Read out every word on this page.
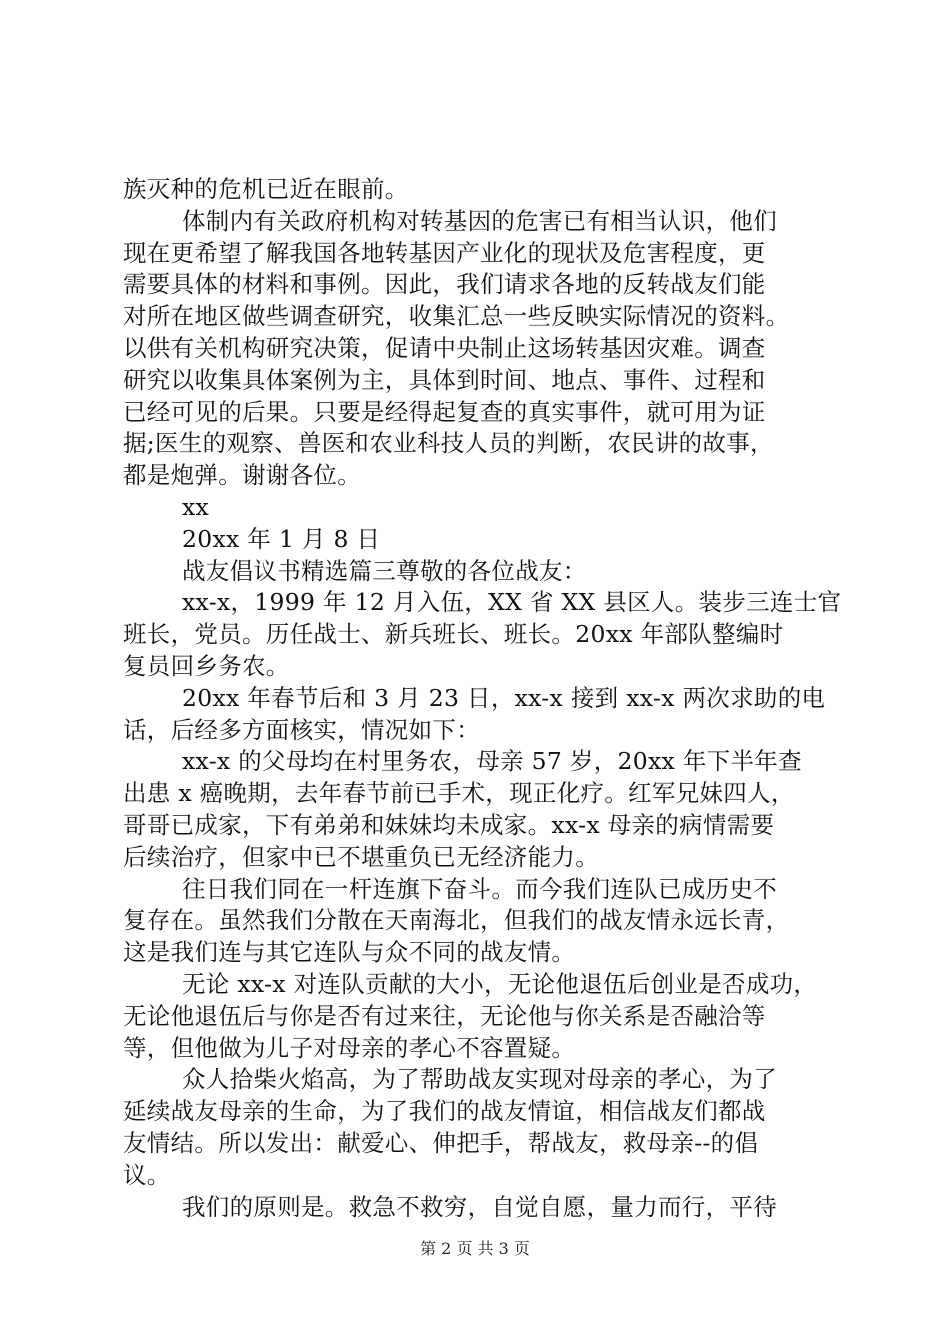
族灭种的危机已近在眼前。
体制内有关政府机构对转基因的危害已有相当认识，他们
现在更希望了解我国各地转基因产业化的现状及危害程度，更
需要具体的材料和事例。因此，我们请求各地的反转战友们能
对所在地区做些调查研究，收集汇总一些反映实际情况的资料。
以供有关机构研究决策，促请中央制止这场转基因灾难。调查
研究以收集具体案例为主，具体到时间、地点、事件、过程和
已经可见的后果。只要是经得起复查的真实事件，就可用为证
据;医生的观察、兽医和农业科技人员的判断，农民讲的故事，
都是炮弹。谢谢各位。
xx
20xx 年 1 月 8 日
战友倡议书精选篇三尊敬的各位战友：
xx-x，1999 年 12 月入伍，XX 省 XX 县区人。装步三连士官
班长，党员。历任战士、新兵班长、班长。20xx 年部队整编时
复员回乡务农。
20xx 年春节后和 3 月 23 日，xx-x 接到 xx-x 两次求助的电
话，后经多方面核实，情况如下：
xx-x 的父母均在村里务农，母亲 57 岁，20xx 年下半年查
出患 x 癌晚期，去年春节前已手术，现正化疗。红军兄妹四人，
哥哥已成家，下有弟弟和妹妹均未成家。xx-x 母亲的病情需要
后续治疗，但家中已不堪重负已无经济能力。
往日我们同在一杆连旗下奋斗。而今我们连队已成历史不
复存在。虽然我们分散在天南海北，但我们的战友情永远长青，
这是我们连与其它连队与众不同的战友情。
无论 xx-x 对连队贡献的大小，无论他退伍后创业是否成功，
无论他退伍后与你是否有过来往，无论他与你关系是否融洽等
等，但他做为儿子对母亲的孝心不容置疑。
众人拾柴火焰高，为了帮助战友实现对母亲的孝心，为了
延续战友母亲的生命，为了我们的战友情谊，相信战友们都战
友情结。所以发出：献爱心、伸把手，帮战友，救母亲--的倡
议。
我们的原则是。救急不救穷，自觉自愿，量力而行，平待
第 2 页 共 3 页
